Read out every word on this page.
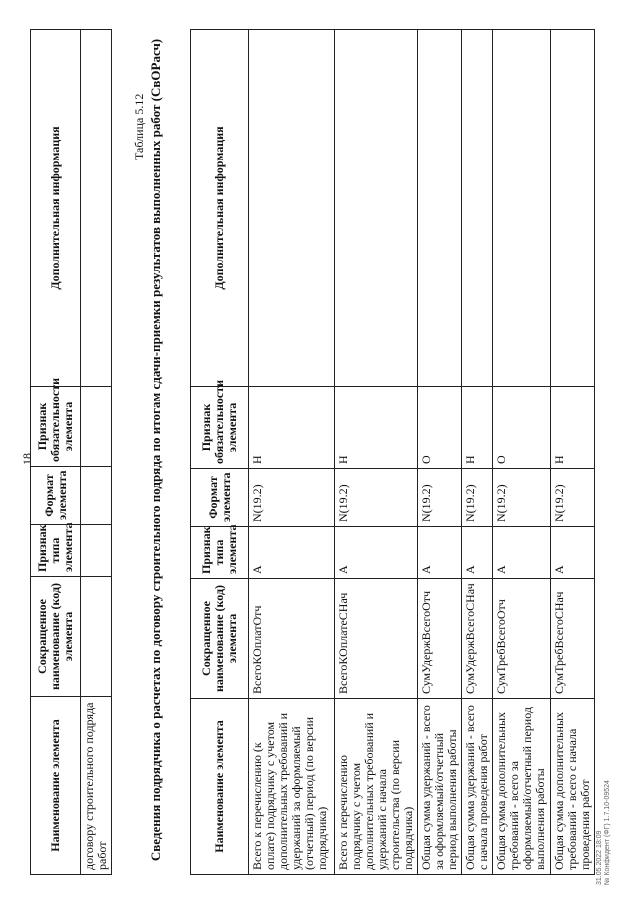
18
Наименование элемента	Сокращенное наименование (код) элемента	Признак типа элемента	Формат элемента	Признак обязательности элемента	Дополнительная информация
договору строительного подряда работ					
Таблица 5.12 Сведения подрядчика о расчетах по договору строительного подряда по итогам сдачи-приемки результатов выполненных работ (СвОРасч)	Наименование элемента	Сокращенное наименование (код) элемента	Признак типа элемента	Формат элемента	Признак обязательности элемента	Дополнительная информация
Всего к перечислению (к оплате) подрядчику с учетом дополнительных требований и удержаний за оформляемый (отчетный) период (по версии подрядчика)	ВсегоКОплатОтч	А	N(19.2)	Н	
Всего к перечислению подрядчику с учетом дополнительных требований и удержаний с начала строительства (по версии подрядчика)	ВсегоКОплатеСНач	А	N(19.2)	Н	
Общая сумма удержаний - всего за оформляемый/отчетный период выполнения работы	СумУдержВсегоОтч	А	N(19.2)	О	
Общая сумма удержаний - всего с начала проведения работ	СумУдержВсегоСНач	А	N(19.2)	Н	
Общая сумма дополнительных требований - всего за оформляемый/отчетный период выполнения работы	СумТребВсегоОтч	А	N(19.2)	О	
Общая сумма дополнительных требований - всего с начала проведения работ	СумТребВсегоСНач	А	N(19.2)	Н	
31.05.2022 18:09 № Конфидент (ФГ) 1.7.10-09524
